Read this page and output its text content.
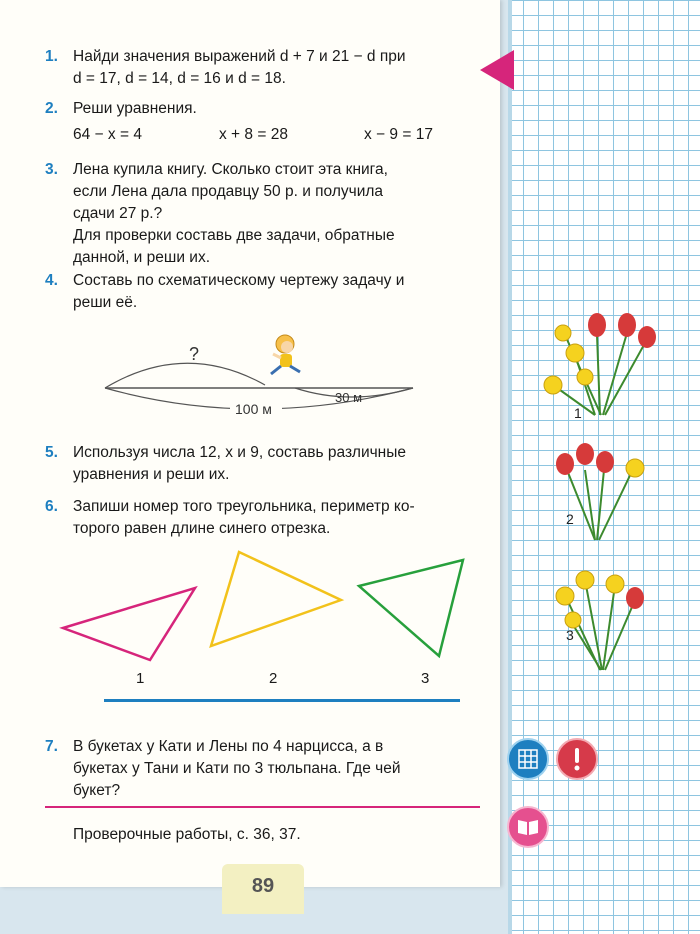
1. Найди значения выражений d + 7 и 21 − d при
d = 17, d = 14, d = 16 и d = 18.
2. Реши уравнения.
64 − x = 4	x + 8 = 28	x − 9 = 17
3. Лена купила книгу. Сколько стоит эта книга,
если Лена дала продавцу 50 р. и получила
сдачи 27 р.?
Для проверки составь две задачи, обратные
данной, и реши их.
4. Составь по схематическому чертежу задачу и
реши её.
?
30 м
100 м
5. Используя числа 12, x и 9, составь различные
уравнения и реши их.
6. Запиши номер того треугольника, периметр ко-
торого равен длине синего отрезка.
1	2	3
7. В букетах у Кати и Лены по 4 нарцисса, а в
букетах у Тани и Кати по 3 тюльпана. Где чей
букет?
Проверочные работы, с. 36, 37.
89
1
2
3
